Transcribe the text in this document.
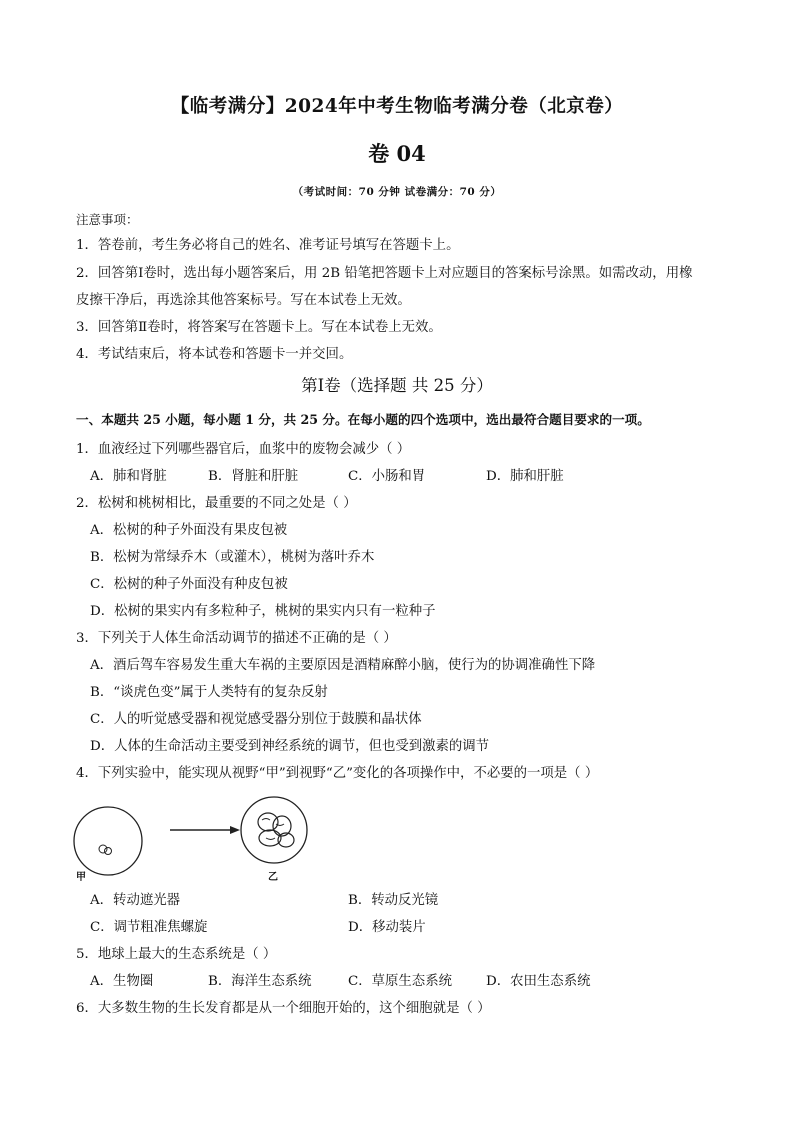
【临考满分】2024年中考生物临考满分卷（北京卷）
卷 04
（考试时间：70 分钟 试卷满分：70 分）
注意事项：
1．答卷前，考生务必将自己的姓名、准考证号填写在答题卡上。
2．回答第Ⅰ卷时，选出每小题答案后，用 2B 铅笔把答题卡上对应题目的答案标号涂黑。如需改动，用橡
皮擦干净后，再选涂其他答案标号。写在本试卷上无效。
3．回答第Ⅱ卷时，将答案写在答题卡上。写在本试卷上无效。
4．考试结束后，将本试卷和答题卡一并交回。
第Ⅰ卷（选择题 共 25 分）
一、本题共 25 小题，每小题 1 分，共 25 分。在每小题的四个选项中，选出最符合题目要求的一项。
1．血液经过下列哪些器官后，血浆中的废物会减少（ ）
A．肺和肾脏	B．肾脏和肝脏	C．小肠和胃	D．肺和肝脏
2．松树和桃树相比，最重要的不同之处是（ ）
A．松树的种子外面没有果皮包被
B．松树为常绿乔木（或灌木），桃树为落叶乔木
C．松树的种子外面没有种皮包被
D．松树的果实内有多粒种子，桃树的果实内只有一粒种子
3．下列关于人体生命活动调节的描述不正确的是（ ）
A．酒后驾车容易发生重大车祸的主要原因是酒精麻醉小脑，使行为的协调准确性下降
B．“谈虎色变”属于人类特有的复杂反射
C．人的听觉感受器和视觉感受器分别位于鼓膜和晶状体
D．人体的生命活动主要受到神经系统的调节，但也受到激素的调节
4．下列实验中，能实现从视野“甲”到视野“乙”变化的各项操作中，不必要的一项是（ ）
甲	乙
A．转动遮光器	B．转动反光镜
C．调节粗准焦螺旋	D．移动装片
5．地球上最大的生态系统是（ ）
A．生物圈	B．海洋生态系统	C．草原生态系统	D．农田生态系统
6．大多数生物的生长发育都是从一个细胞开始的，这个细胞就是（ ）
